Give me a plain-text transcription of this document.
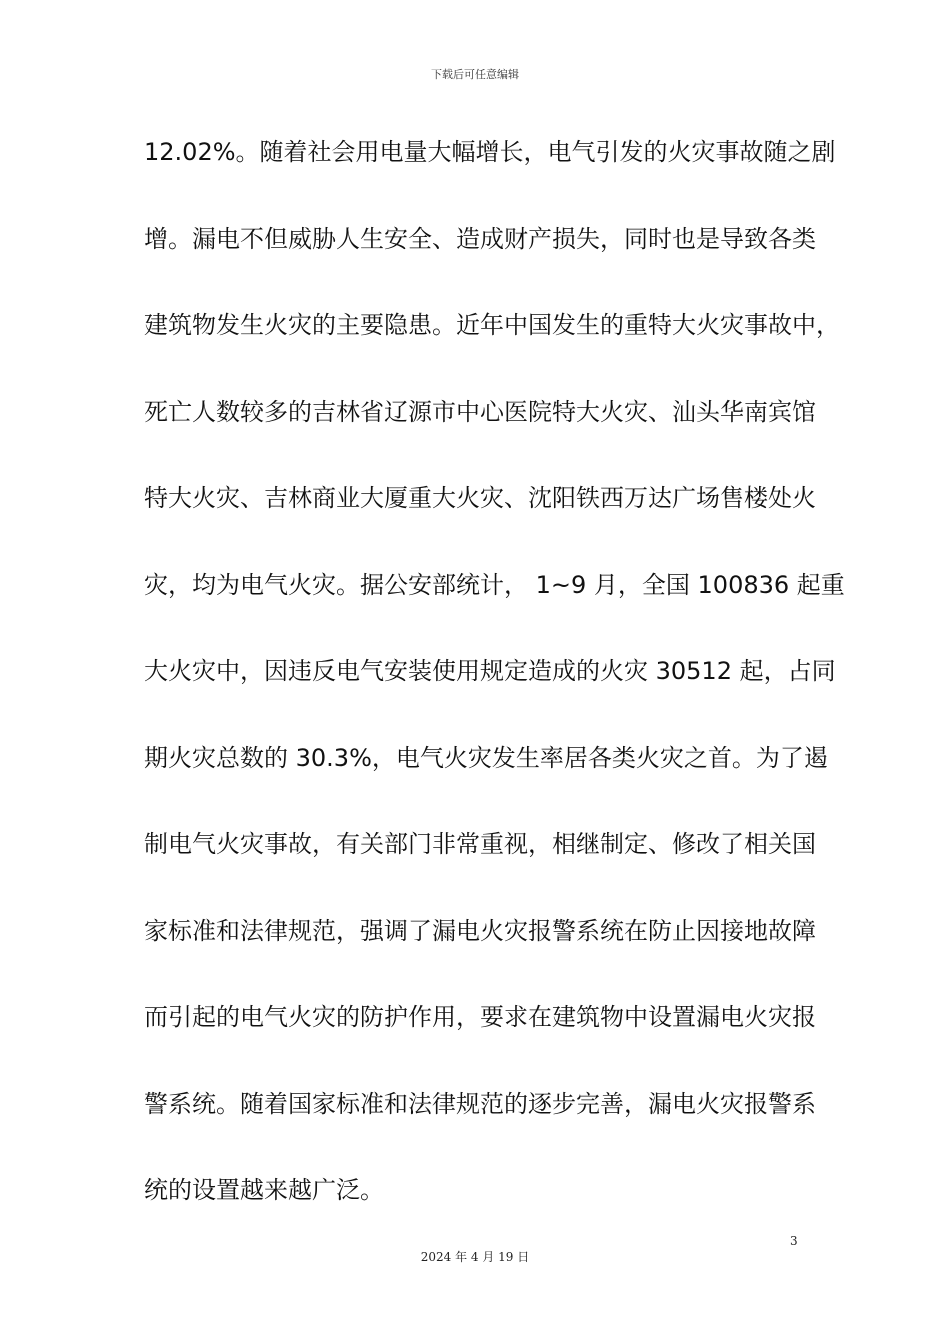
下载后可任意编辑
12.02%。随着社会用电量大幅增长，电气引发的火灾事故随之剧
增。漏电不但威胁人生安全、造成财产损失，同时也是导致各类
建筑物发生火灾的主要隐患。近年中国发生的重特大火灾事故中，
死亡人数较多的吉林省辽源市中心医院特大火灾、汕头华南宾馆
特大火灾、吉林商业大厦重大火灾、沈阳铁西万达广场售楼处火
灾，均为电气火灾。据公安部统计， 1~9 月，全国 100836 起重
大火灾中，因违反电气安装使用规定造成的火灾 30512 起，占同
期火灾总数的 30.3%，电气火灾发生率居各类火灾之首。为了遏
制电气火灾事故，有关部门非常重视，相继制定、修改了相关国
家标准和法律规范，强调了漏电火灾报警系统在防止因接地故障
而引起的电气火灾的防护作用，要求在建筑物中设置漏电火灾报
警系统。随着国家标准和法律规范的逐步完善，漏电火灾报警系
统的设置越来越广泛。
3
2024 年 4 月 19 日
